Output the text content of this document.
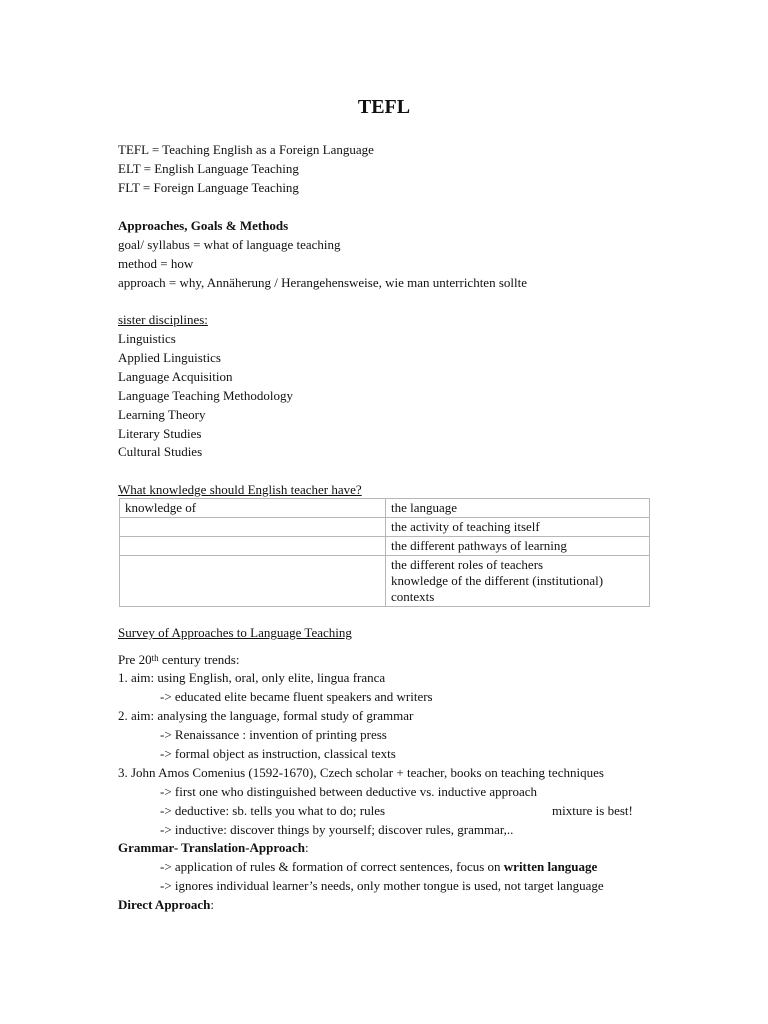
TEFL
TEFL = Teaching English as a Foreign Language
ELT = English Language Teaching
FLT = Foreign Language Teaching
Approaches, Goals & Methods
goal/ syllabus = what of language teaching
method = how
approach = why, Annäherung / Herangehensweise, wie man unterrichten sollte
sister disciplines:
Linguistics
Applied Linguistics
Language Acquisition
Language Teaching Methodology
Learning Theory
Literary Studies
Cultural Studies
What knowledge should English teacher have?
knowledge of	the language
	the activity of teaching itself
	the different pathways of learning

	the different roles of teachers
knowledge of the different (institutional) contexts
Survey of Approaches to Language Teaching
Pre 20th century trends:
1. aim: using English, oral, only elite, lingua franca
-> educated elite became fluent speakers and writers
2. aim: analysing the language, formal study of grammar
-> Renaissance : invention of printing press
-> formal object as instruction, classical texts
3. John Amos Comenius (1592-1670), Czech scholar + teacher, books on teaching techniques
-> first one who distinguished between deductive vs. inductive approach
-> deductive: sb. tells you what to do; rules	mixture is best!
-> inductive: discover things by yourself; discover rules, grammar,..
Grammar- Translation-Approach:
-> application of rules & formation of correct sentences, focus on written language
-> ignores individual learner’s needs, only mother tongue is used, not target language
Direct Approach:
